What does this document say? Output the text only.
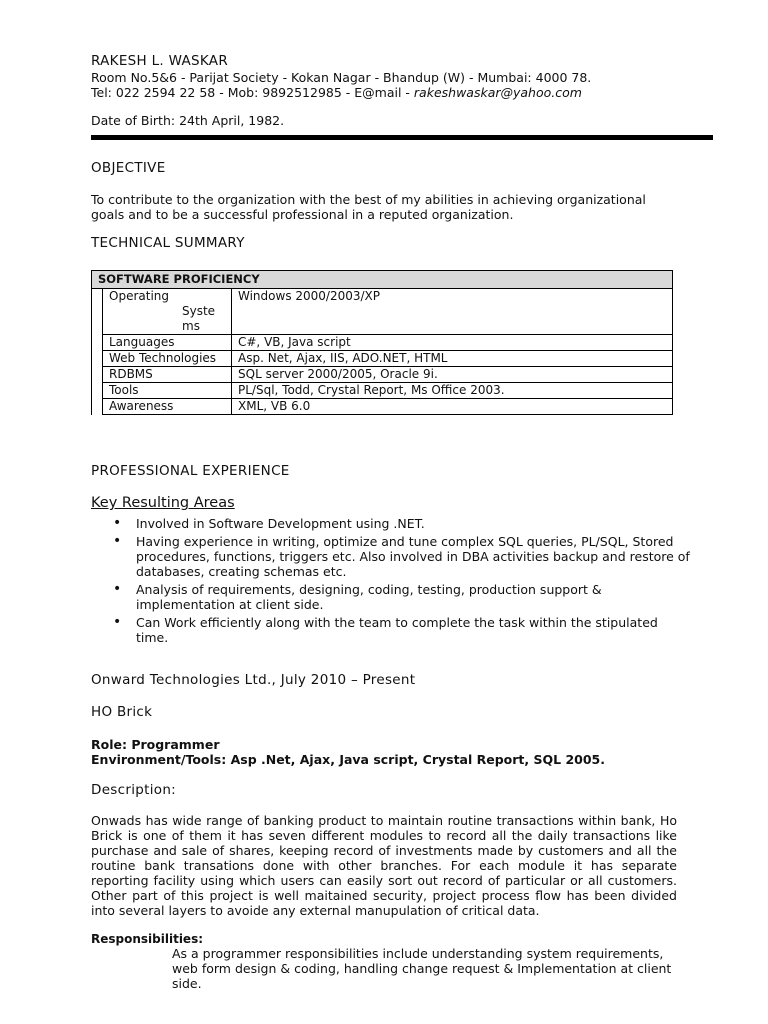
RAKESH L. WASKAR
Room No.5&6 - Parijat Society - Kokan Nagar - Bhandup (W) - Mumbai: 4000 78.
Tel: 022 2594 22 58 - Mob: 9892512985 - E@mail - rakeshwaskar@yahoo.com
Date of Birth: 24th April, 1982.
OBJECTIVE
To contribute to the organization with the best of my abilities in achieving organizational
goals and to be a successful professional in a reputed organization.
TECHNICAL SUMMARY
SOFTWARE PROFICIENCY		

	Operating
Syste
ms	Windows 2000/2003/XP
	Languages	C#, VB, Java script
	Web Technologies	Asp. Net, Ajax, IIS, ADO.NET, HTML
	RDBMS	SQL server 2000/2005, Oracle 9i.
	Tools	PL/Sql, Todd, Crystal Report, Ms Office 2003.
	Awareness	XML, VB 6.0
PROFESSIONAL EXPERIENCE
Key Resulting Areas
• Involved in Software Development using .NET.
• Having experience in writing, optimize and tune complex SQL queries, PL/SQL, Stored procedures, functions, triggers etc. Also involved in DBA activities backup and restore of databases, creating schemas etc.
• Analysis of requirements, designing, coding, testing, production support & implementation at client side.
• Can Work efficiently along with the team to complete the task within the stipulated time.
Onward Technologies Ltd., July 2010 – Present
HO Brick
Role: Programmer
Environment/Tools: Asp .Net, Ajax, Java script, Crystal Report, SQL 2005.
Description:
Onwads has wide range of banking product to maintain routine transactions within bank, Ho Brick is one of them it has seven different modules to record all the daily transactions like purchase and sale of shares, keeping record of investments made by customers and all the routine bank transations done with other branches. For each module it has separate reporting facility using which users can easily sort out record of particular or all customers. Other part of this project is well maitained security, project process flow has been divided into several layers to avoide any external manupulation of critical data.
Responsibilities:
As a programmer responsibilities include understanding system requirements, web form design & coding, handling change request & Implementation at client side.
